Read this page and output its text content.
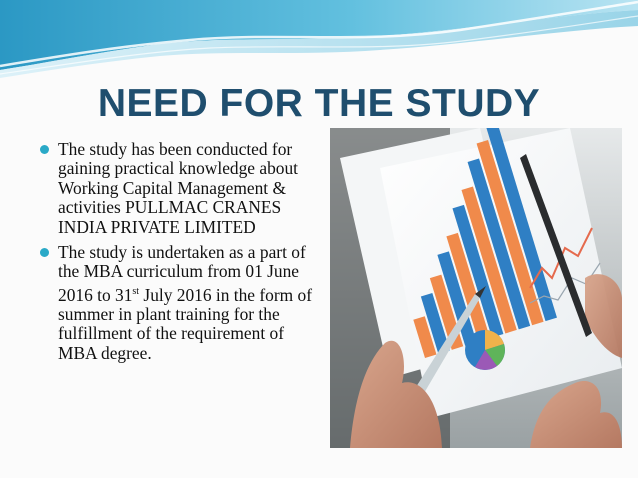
NEED FOR THE STUDY
The study has been conducted for gaining practical knowledge about Working Capital Management & activities PULLMAC CRANES INDIA PRIVATE LIMITED
The study is undertaken as a part of the MBA curriculum from 01 June 2016 to 31st July 2016 in the form of summer in plant training for the fulfillment of the requirement of MBA degree.
